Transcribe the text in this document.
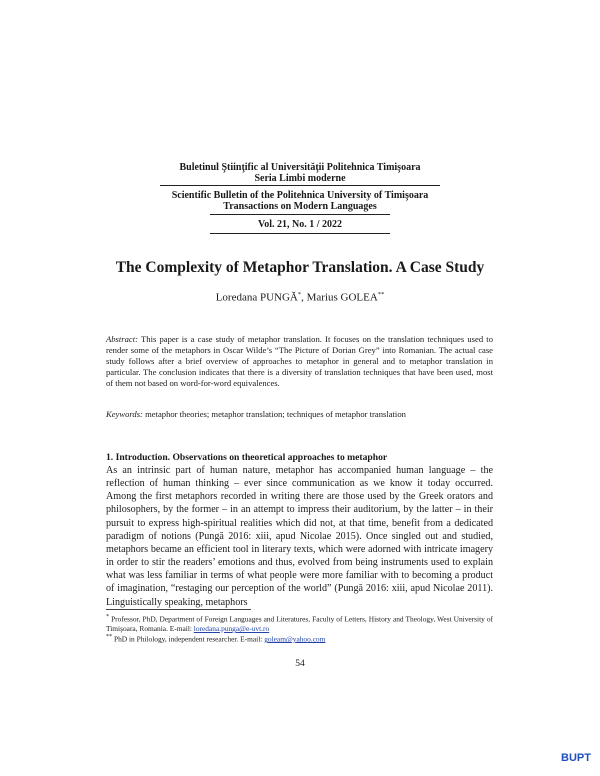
Buletinul Ştiinţific al Universităţii Politehnica Timişoara
Seria Limbi moderne
Scientific Bulletin of the Politehnica University of Timişoara
Transactions on Modern Languages
Vol. 21, No. 1 / 2022
The Complexity of Metaphor Translation. A Case Study
Loredana PUNGĂ*, Marius GOLEA**
Abstract: This paper is a case study of metaphor translation. It focuses on the translation techniques used to render some of the metaphors in Oscar Wilde’s “The Picture of Dorian Grey” into Romanian. The actual case study follows after a brief overview of approaches to metaphor in general and to metaphor translation in particular. The conclusion indicates that there is a diversity of translation techniques that have been used, most of them not based on word-for-word equivalences.
Keywords: metaphor theories; metaphor translation; techniques of metaphor translation
1. Introduction. Observations on theoretical approaches to metaphor
As an intrinsic part of human nature, metaphor has accompanied human language – the reflection of human thinking – ever since communication as we know it today occurred. Among the first metaphors recorded in writing there are those used by the Greek orators and philosophers, by the former – in an attempt to impress their auditorium, by the latter – in their pursuit to express high-spiritual realities which did not, at that time, benefit from a dedicated paradigm of notions (Pungă 2016: xiii, apud Nicolae 2015). Once singled out and studied, metaphors became an efficient tool in literary texts, which were adorned with intricate imagery in order to stir the readers’ emotions and thus, evolved from being instruments used to explain what was less familiar in terms of what people were more familiar with to becoming a product of imagination, “restaging our perception of the world” (Pungă 2016: xiii, apud Nicolae 2011). Linguistically speaking, metaphors
* Professor, PhD, Department of Foreign Languages and Literatures, Faculty of Letters, History and Theology, West University of Timişoara, Romania. E-mail: loredana.punga@e-uvt.ro
** PhD in Philology, independent researcher. E-mail: goleam@yahoo.com
54
BUPT
